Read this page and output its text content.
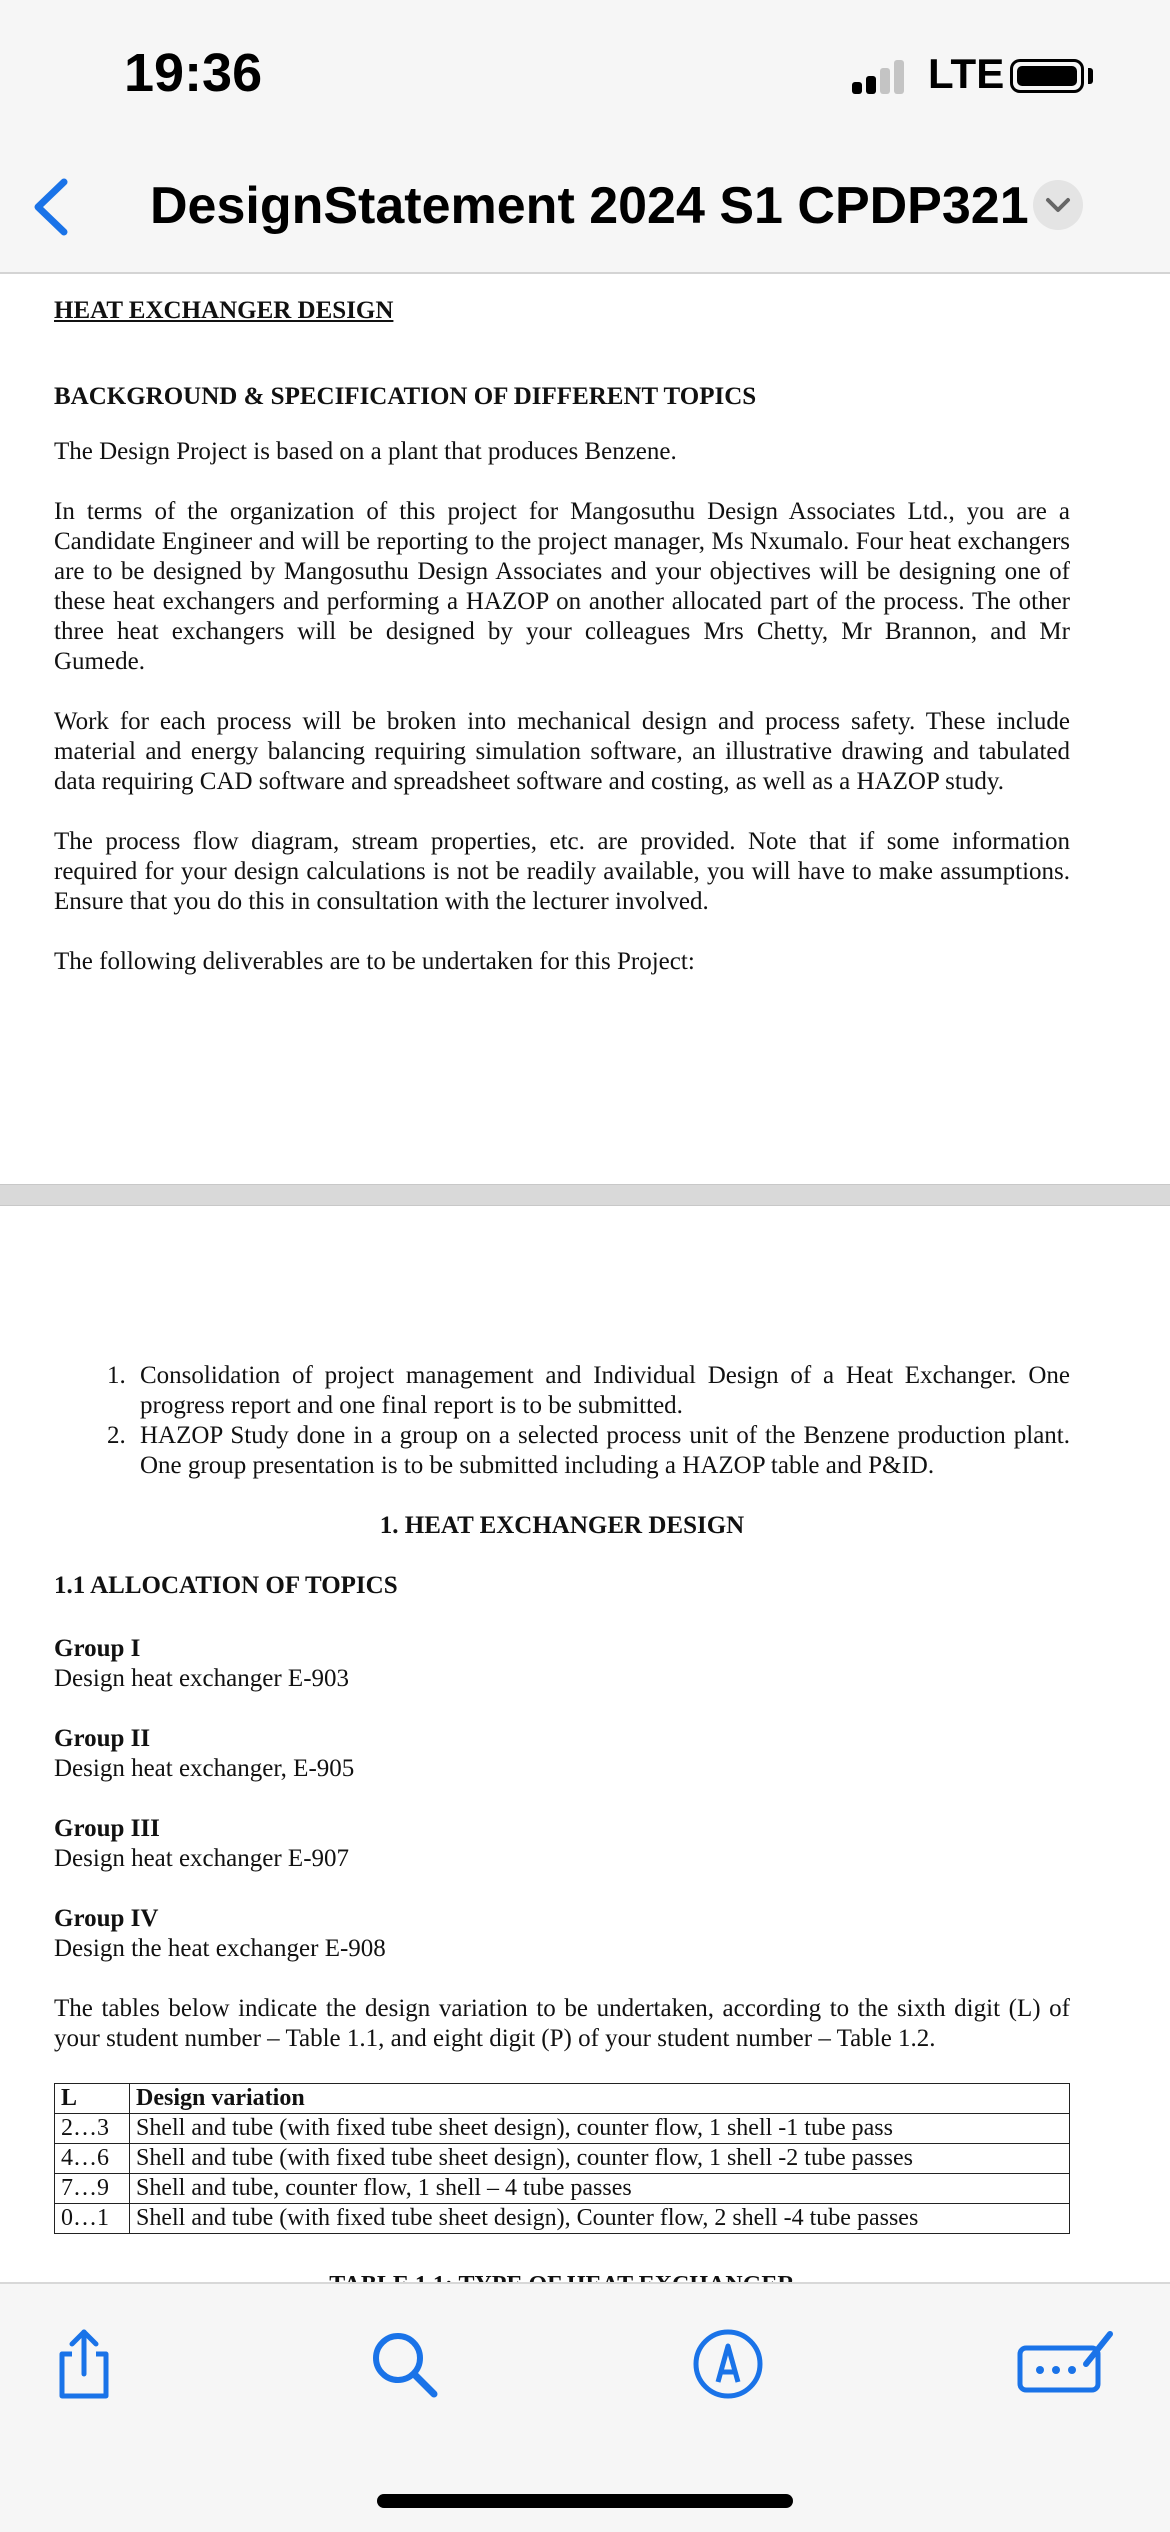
19:36	LTE
DesignStatement 2024 S1 CPDP321

HEAT EXCHANGER DESIGN

BACKGROUND & SPECIFICATION OF DIFFERENT TOPICS

The Design Project is based on a plant that produces Benzene.

In terms of the organization of this project for Mangosuthu Design Associates Ltd., you are a Candidate Engineer and will be reporting to the project manager, Ms Nxumalo. Four heat exchangers are to be designed by Mangosuthu Design Associates and your objectives will be designing one of these heat exchangers and performing a HAZOP on another allocated part of the process. The other three heat exchangers will be designed by your colleagues Mrs Chetty, Mr Brannon, and Mr Gumede.

Work for each process will be broken into mechanical design and process safety. These include material and energy balancing requiring simulation software, an illustrative drawing and tabulated data requiring CAD software and spreadsheet software and costing, as well as a HAZOP study.

The process flow diagram, stream properties, etc. are provided. Note that if some information required for your design calculations is not be readily available, you will have to make assumptions. Ensure that you do this in consultation with the lecturer involved.

The following deliverables are to be undertaken for this Project:

1. Consolidation of project management and Individual Design of a Heat Exchanger. One progress report and one final report is to be submitted.
2. HAZOP Study done in a group on a selected process unit of the Benzene production plant. One group presentation is to be submitted including a HAZOP table and P&ID.

1. HEAT EXCHANGER DESIGN

1.1 ALLOCATION OF TOPICS

Group I

Design heat exchanger E-903

Group II

Design heat exchanger, E-905

Group III

Design heat exchanger E-907

Group IV

Design the heat exchanger E-908

The tables below indicate the design variation to be undertaken, according to the sixth digit (L) of your student number – Table 1.1, and eight digit (P) of your student number – Table 1.2.

L	Design variation
2…3	Shell and tube (with fixed tube sheet design), counter flow, 1 shell -1 tube pass
4…6	Shell and tube (with fixed tube sheet design), counter flow, 1 shell -2 tube passes
7…9	Shell and tube, counter flow, 1 shell – 4 tube passes
0…1	Shell and tube (with fixed tube sheet design), Counter flow, 2 shell -4 tube passes
